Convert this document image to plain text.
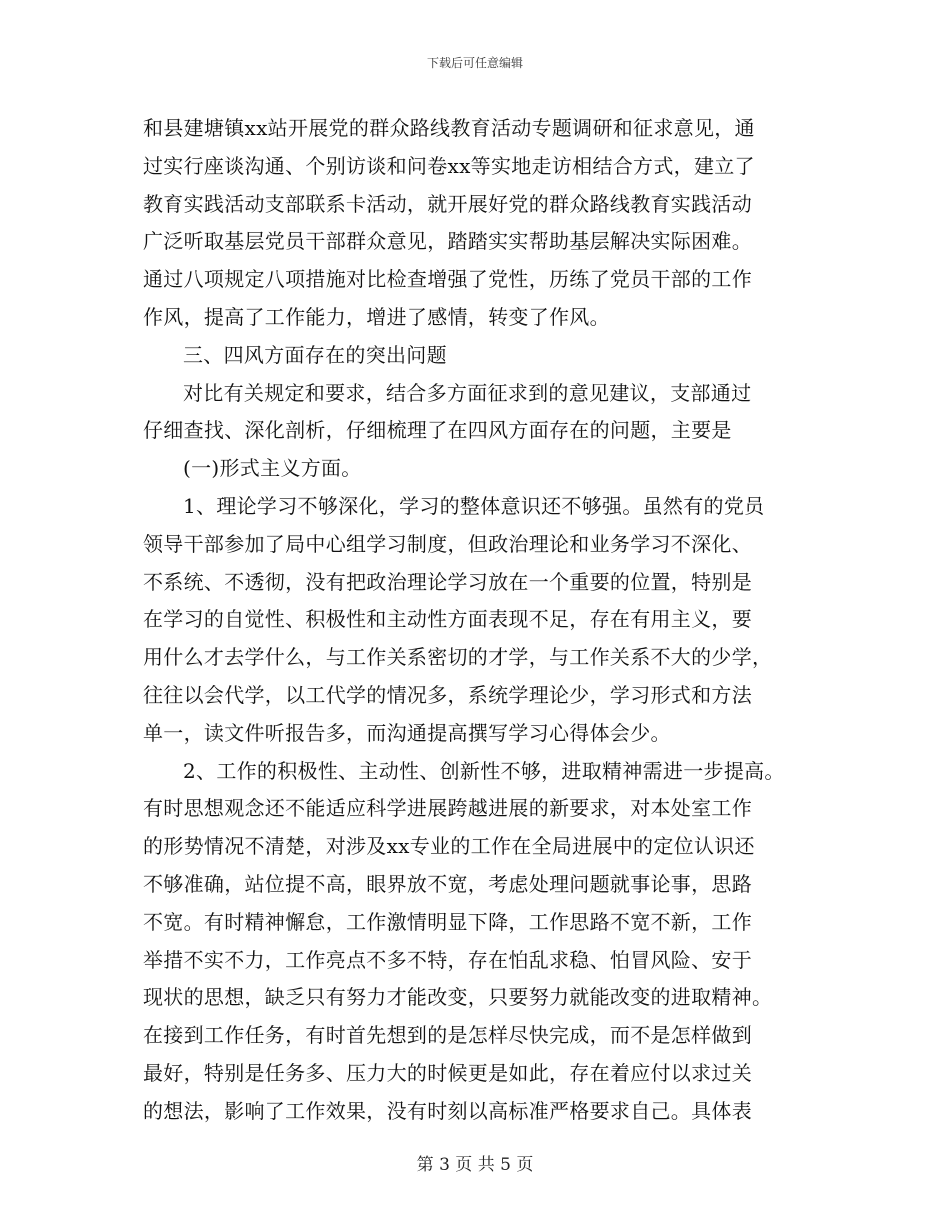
下载后可任意编辑
和县建塘镇xx站开展党的群众路线教育活动专题调研和征求意见，通
过实行座谈沟通、个别访谈和问卷xx等实地走访相结合方式，建立了
教育实践活动支部联系卡活动，就开展好党的群众路线教育实践活动
广泛听取基层党员干部群众意见，踏踏实实帮助基层解决实际困难。
通过八项规定八项措施对比检查增强了党性，历练了党员干部的工作
作风，提高了工作能力，增进了感情，转变了作风。
三、四风方面存在的突出问题
对比有关规定和要求，结合多方面征求到的意见建议，支部通过
仔细查找、深化剖析，仔细梳理了在四风方面存在的问题，主要是
(一)形式主义方面。
1、理论学习不够深化，学习的整体意识还不够强。虽然有的党员
领导干部参加了局中心组学习制度，但政治理论和业务学习不深化、
不系统、不透彻，没有把政治理论学习放在一个重要的位置，特别是
在学习的自觉性、积极性和主动性方面表现不足，存在有用主义，要
用什么才去学什么，与工作关系密切的才学，与工作关系不大的少学，
往往以会代学，以工代学的情况多，系统学理论少，学习形式和方法
单一，读文件听报告多，而沟通提高撰写学习心得体会少。
2、工作的积极性、主动性、创新性不够，进取精神需进一步提高。
有时思想观念还不能适应科学进展跨越进展的新要求，对本处室工作
的形势情况不清楚，对涉及xx专业的工作在全局进展中的定位认识还
不够准确，站位提不高，眼界放不宽，考虑处理问题就事论事，思路
不宽。有时精神懈怠，工作激情明显下降，工作思路不宽不新，工作
举措不实不力，工作亮点不多不特，存在怕乱求稳、怕冒风险、安于
现状的思想，缺乏只有努力才能改变，只要努力就能改变的进取精神。
在接到工作任务，有时首先想到的是怎样尽快完成，而不是怎样做到
最好，特别是任务多、压力大的时候更是如此，存在着应付以求过关
的想法，影响了工作效果，没有时刻以高标准严格要求自己。具体表
第 3 页 共 5 页
